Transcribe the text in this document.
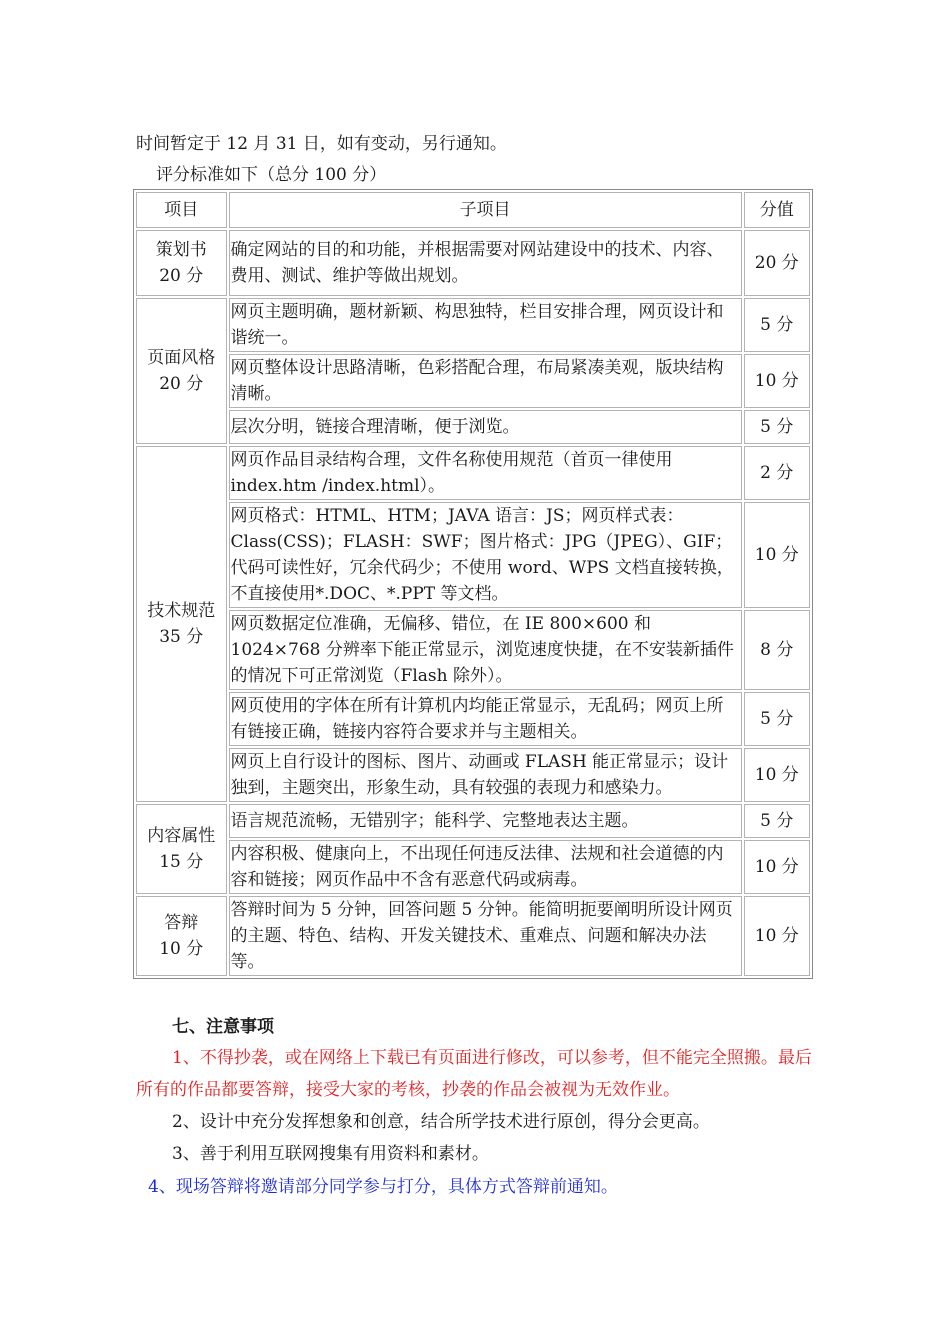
时间暂定于 12 月 31 日，如有变动，另行通知。
评分标准如下（总分 100 分）
项目	子项目	分值

策划书
20 分	确定网站的目的和功能，并根据需要对网站建设中的技术、内容、费用、测试、维护等做出规划。	20 分

页面风格
20 分	网页主题明确，题材新颖、构思独特，栏目安排合理，网页设计和谐统一。	5 分
	网页整体设计思路清晰，色彩搭配合理，布局紧凑美观，版块结构清晰。	10 分
	层次分明，链接合理清晰，便于浏览。	5 分

技术规范
35 分	网页作品目录结构合理，文件名称使用规范（首页一律使用index.htm /index.html）。	2 分
	网页格式：HTML、HTM；JAVA 语言：JS；网页样式表：Class(CSS)；FLASH：SWF；图片格式：JPG（JPEG）、GIF；代码可读性好，冗余代码少；不使用 word、WPS 文档直接转换，不直接使用*.DOC、*.PPT 等文档。	10 分
	网页数据定位准确，无偏移、错位，在 IE 800×600 和 1024×768 分辨率下能正常显示，浏览速度快捷，在不安装新插件的情况下可正常浏览（Flash 除外）。	8 分
	网页使用的字体在所有计算机内均能正常显示，无乱码；网页上所有链接正确，链接内容符合要求并与主题相关。	5 分
	网页上自行设计的图标、图片、动画或 FLASH 能正常显示；设计独到，主题突出，形象生动，具有较强的表现力和感染力。	10 分

内容属性
15 分	语言规范流畅，无错别字；能科学、完整地表达主题。	5 分
	内容积极、健康向上，不出现任何违反法律、法规和社会道德的内容和链接；网页作品中不含有恶意代码或病毒。	10 分

答辩
10 分	答辩时间为 5 分钟，回答问题 5 分钟。能简明扼要阐明所设计网页的主题、特色、结构、开发关键技术、重难点、问题和解决办法等。	10 分
七、注意事项
1、不得抄袭，或在网络上下载已有页面进行修改，可以参考，但不能完全照搬。最后所有的作品都要答辩，接受大家的考核，抄袭的作品会被视为无效作业。
2、设计中充分发挥想象和创意，结合所学技术进行原创，得分会更高。
3、善于利用互联网搜集有用资料和素材。
4、现场答辩将邀请部分同学参与打分，具体方式答辩前通知。
